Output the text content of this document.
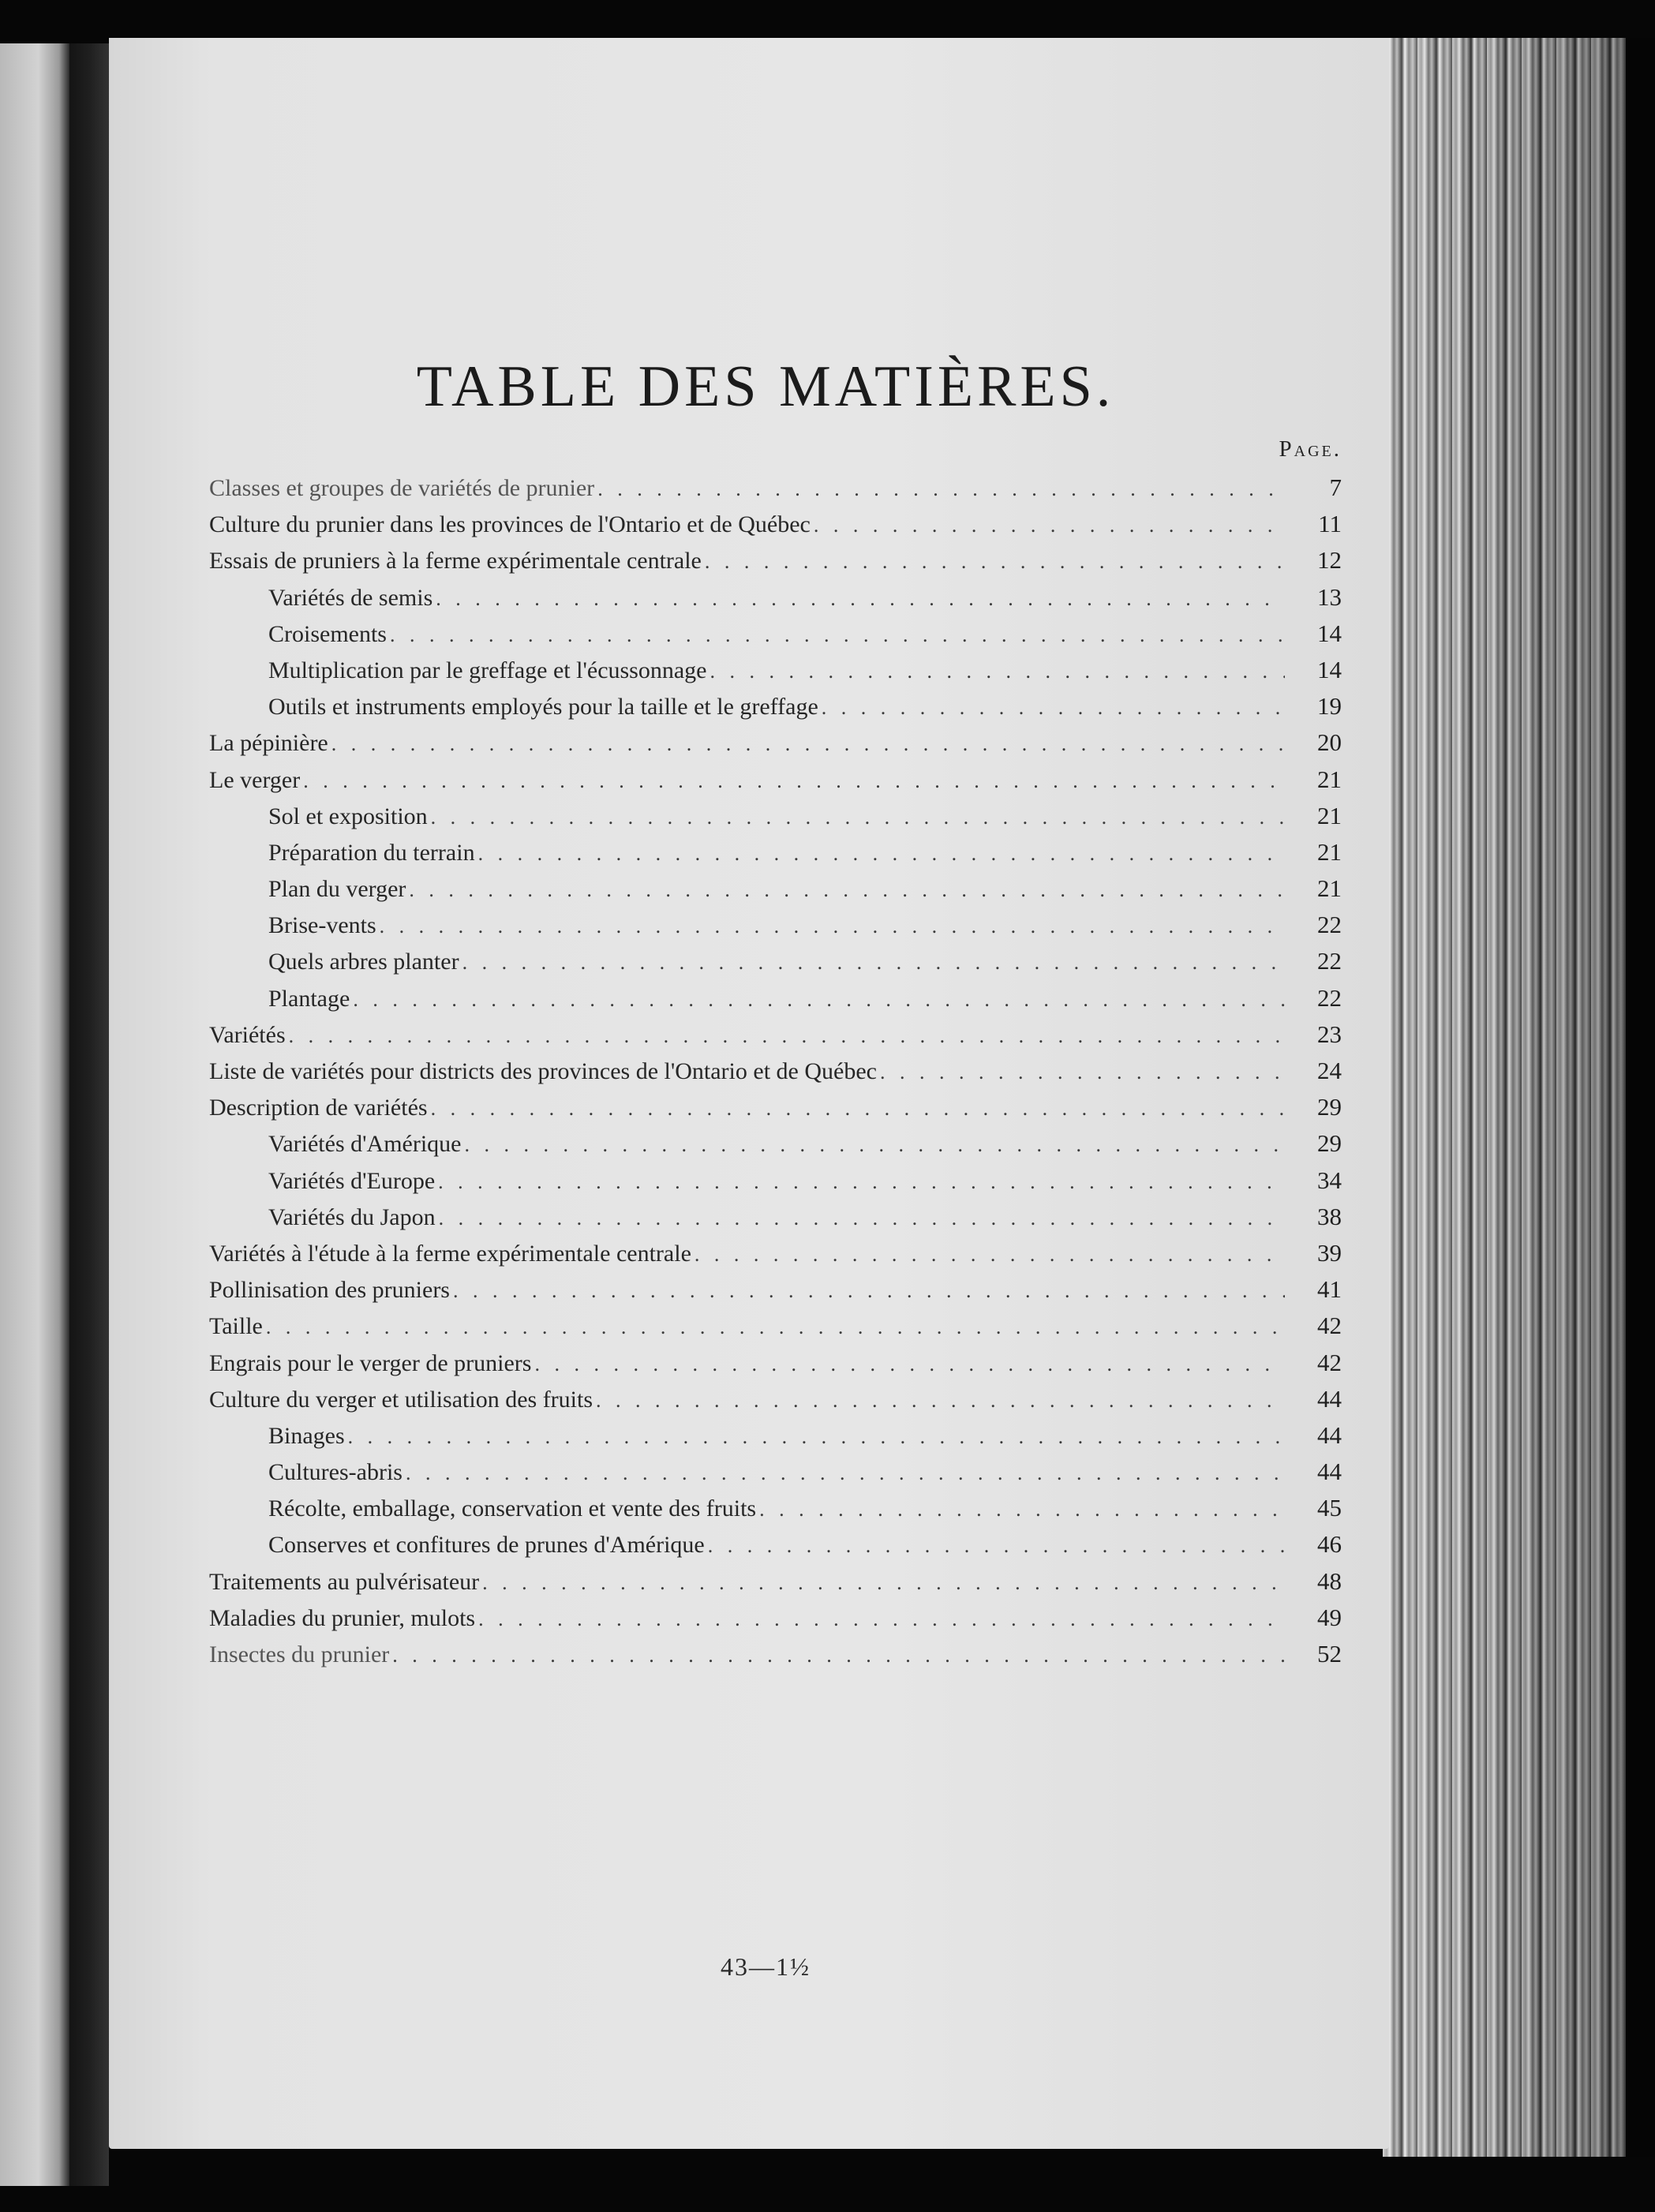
TABLE DES MATIÈRES.
Page.
Classes et groupes de variétés de prunier . . .	7
Culture du prunier dans les provinces de l'Ontario et de Québec . . .	11
Essais de pruniers à la ferme expérimentale centrale . . .	12
Variétés de semis . . .	13
Croisements . . .	14
Multiplication par le greffage et l'écussonnage . . .	14
Outils et instruments employés pour la taille et le greffage . . .	19
La pépinière . . .	20
Le verger . . .	21
Sol et exposition . . .	21
Préparation du terrain . . .	21
Plan du verger . . .	21
Brise-vents . . .	22
Quels arbres planter . . .	22
Plantage . . .	22
Variétés . . .	23
Liste de variétés pour districts des provinces de l'Ontario et de Québec . . .	24
Description de variétés . . .	29
Variétés d'Amérique . . .	29
Variétés d'Europe . . .	34
Variétés du Japon . . .	38
Variétés à l'étude à la ferme expérimentale centrale . . .	39
Pollinisation des pruniers . . .	41
Taille . . .	42
Engrais pour le verger de pruniers . . .	42
Culture du verger et utilisation des fruits . . .	44
Binages . . .	44
Cultures-abris . . .	44
Récolte, emballage, conservation et vente des fruits . . .	45
Conserves et confitures de prunes d'Amérique . . .	46
Traitements au pulvérisateur . . .	48
Maladies du prunier, mulots . . .	49
Insectes du prunier . . .	52
43—1½
